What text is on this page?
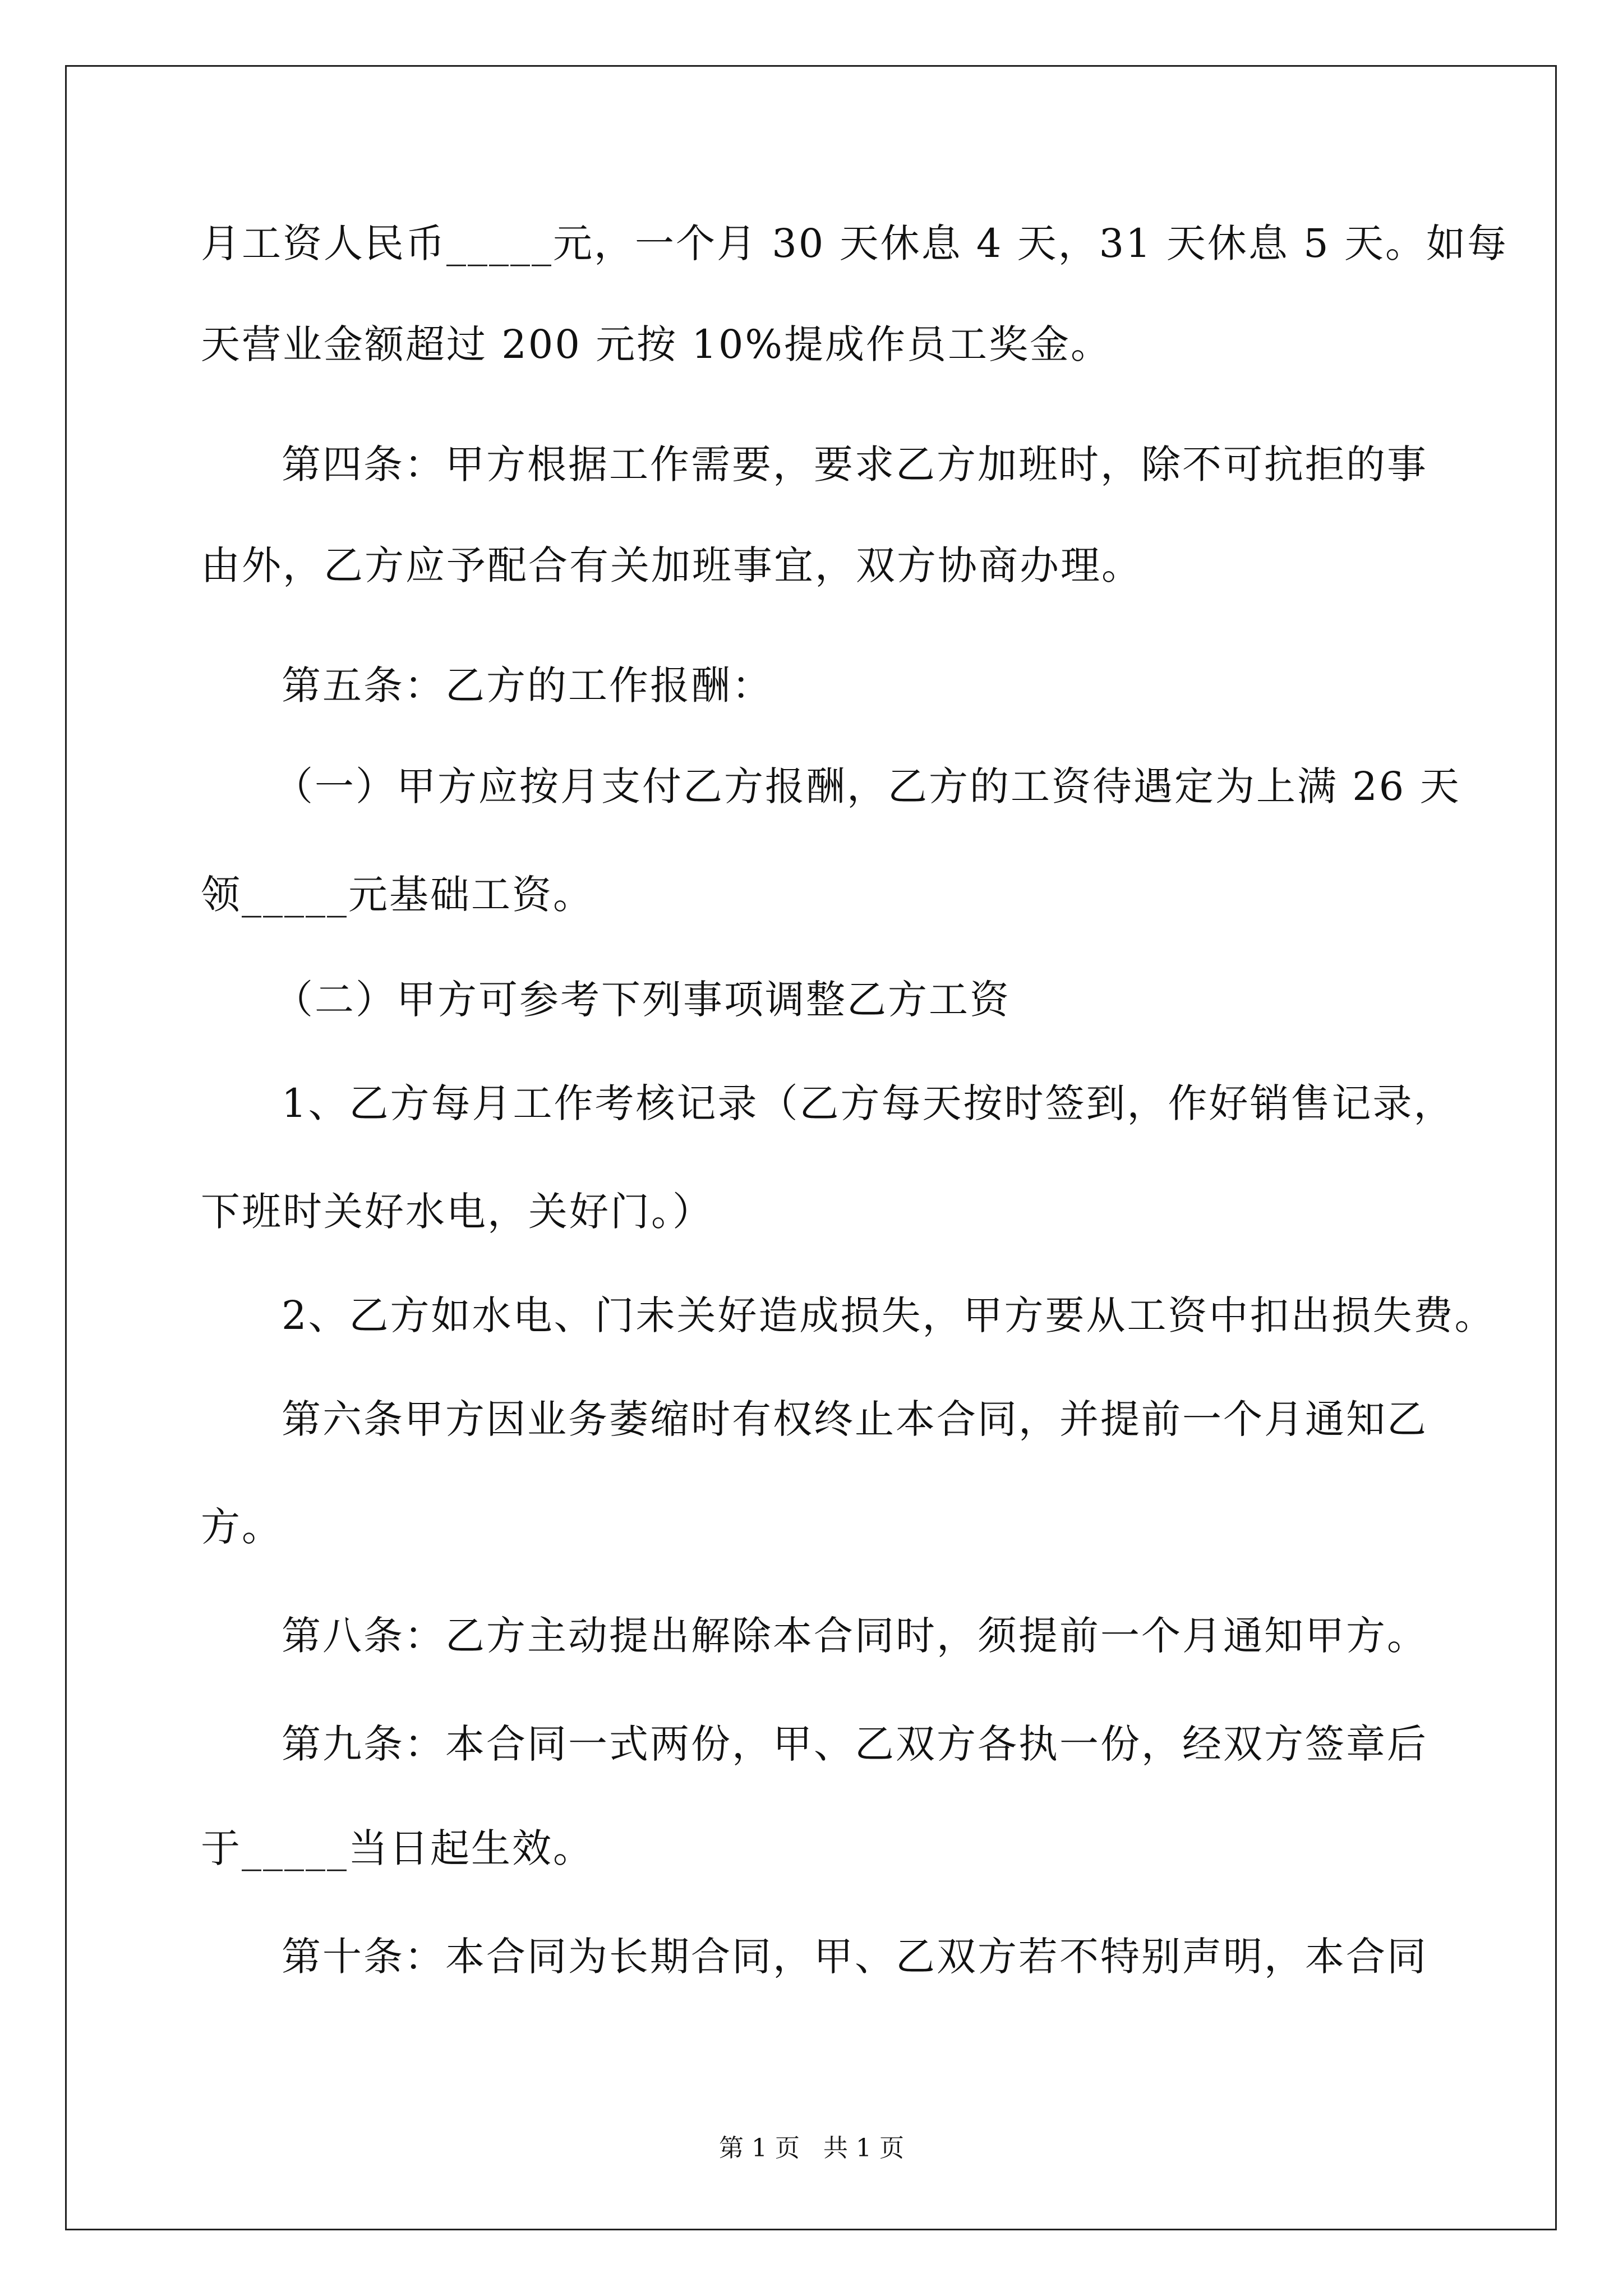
月工资人民币_____元，一个月 30 天休息 4 天，31 天休息 5 天。如每
天营业金额超过 200 元按 10%提成作员工奖金。
第四条：甲方根据工作需要，要求乙方加班时，除不可抗拒的事
由外，乙方应予配合有关加班事宜，双方协商办理。
第五条：乙方的工作报酬：
（一）甲方应按月支付乙方报酬，乙方的工资待遇定为上满 26 天
领_____元基础工资。
（二）甲方可参考下列事项调整乙方工资
1、乙方每月工作考核记录（乙方每天按时签到，作好销售记录，
下班时关好水电，关好门。）
2、乙方如水电、门未关好造成损失，甲方要从工资中扣出损失费。
第六条甲方因业务萎缩时有权终止本合同，并提前一个月通知乙
方。
第八条：乙方主动提出解除本合同时，须提前一个月通知甲方。
第九条：本合同一式两份，甲、乙双方各执一份，经双方签章后
于_____当日起生效。
第十条：本合同为长期合同，甲、乙双方若不特别声明，本合同
第 1 页   共 1 页
